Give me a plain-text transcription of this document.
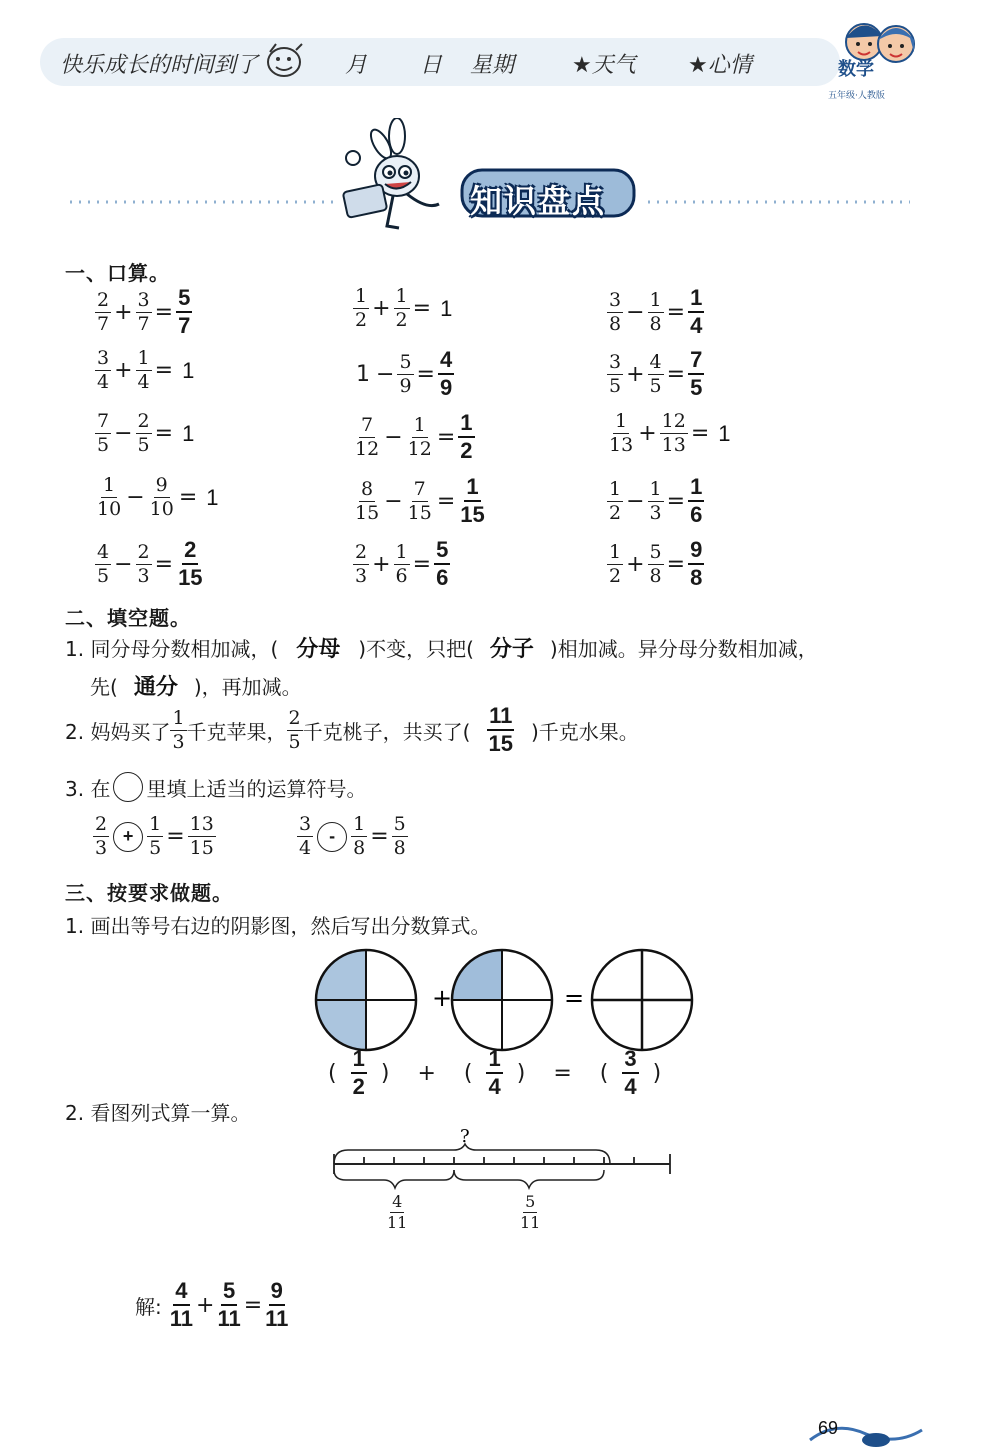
快乐成长的时间到了	月 日 星期	★天气 ★心情	数学
五年级·人教版
知识盘点
一、口算。
$\frac{2}{7} + \frac{3}{7} = \frac{5}{7}$	$\frac{1}{2} + \frac{1}{2} = 1$	$\frac{3}{8} - \frac{1}{8} = \frac{1}{4}$
$\frac{3}{4} + \frac{1}{4} = 1$	$1 - \frac{5}{9} = \frac{4}{9}$	$\frac{3}{5} + \frac{4}{5} = \frac{7}{5}$
$\frac{7}{5} - \frac{2}{5} = 1$	$\frac{7}{12} - \frac{1}{12} = \frac{1}{2}$	$\frac{1}{13} + \frac{12}{13} = 1$
$\frac{1}{10} - \frac{9}{10} = 1$	$\frac{8}{15} - \frac{7}{15} = \frac{1}{15}$	$\frac{1}{2} - \frac{1}{3} = \frac{1}{6}$
$\frac{4}{5} - \frac{2}{3} = \frac{2}{15}$	$\frac{2}{3} + \frac{1}{6} = \frac{5}{6}$	$\frac{1}{2} + \frac{5}{8} = \frac{9}{8}$
二、填空题。
1. 同分母分数相加减，( 分母 )不变，只把( 分子 )相加减。异分母分数相加减，
先( 通分 )，再加减。
2. 妈妈买了 $\frac{1}{3}$ 千克苹果， $\frac{2}{5}$ 千克桃子，共买了( $\frac{11}{15}$ )千克水果。
3. 在 里填上适当的运算符号。
$\frac{2}{3} + \frac{1}{5} = \frac{13}{15}$	$\frac{3}{4} - \frac{1}{8} = \frac{5}{8}$
三、按要求做题。
1. 画出等号右边的阴影图，然后写出分数算式。
+	=
( $\frac{1}{2}$ ) + ( $\frac{1}{4}$ ) = ( $\frac{3}{4}$ )
2. 看图列式算一算。
?
$\frac{4}{11}$	$\frac{5}{11}$
解: $\frac{4}{11} + \frac{5}{11} = \frac{9}{11}$
69
